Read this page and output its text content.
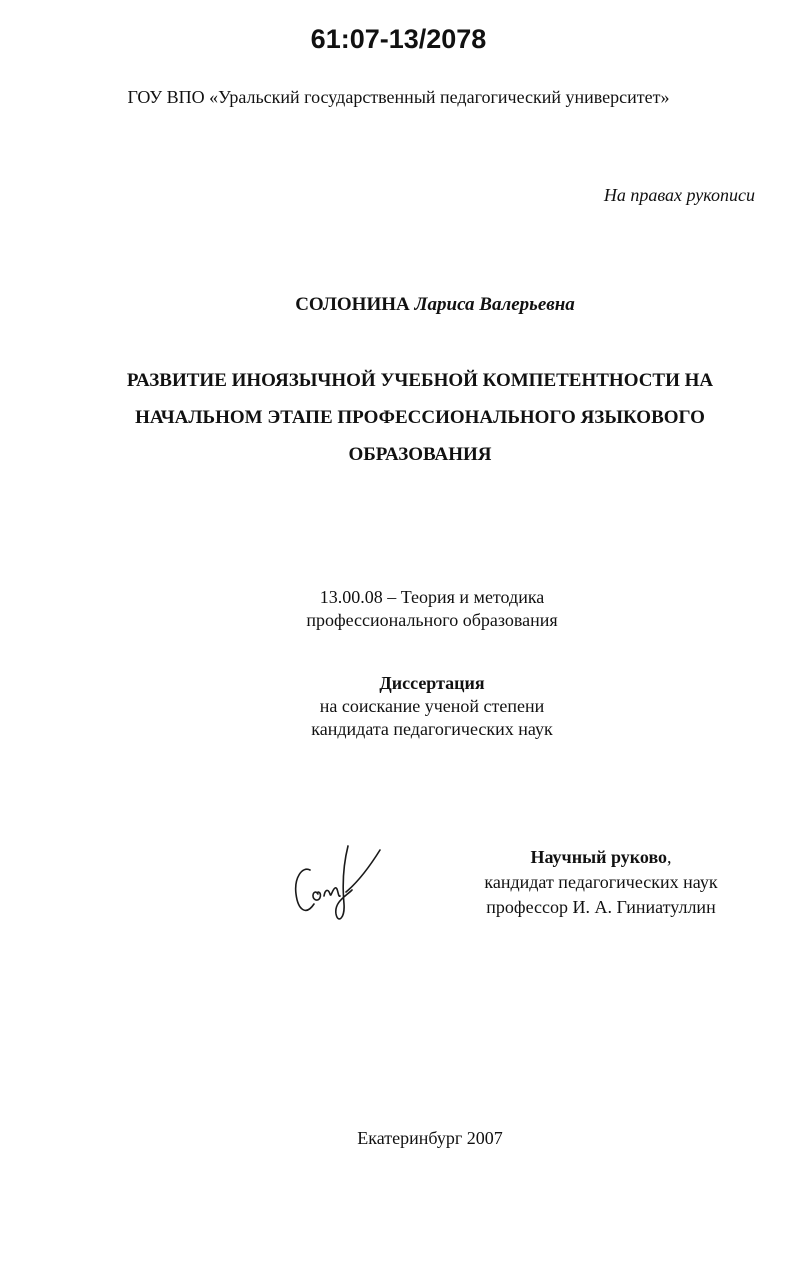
61:07-13/2078
ГОУ ВПО «Уральский государственный педагогический университет»
На правах рукописи
СОЛОНИНА Лариса Валерьевна
РАЗВИТИЕ ИНОЯЗЫЧНОЙ УЧЕБНОЙ КОМПЕТЕНТНОСТИ НА
НАЧАЛЬНОМ ЭТАПЕ ПРОФЕССИОНАЛЬНОГО ЯЗЫКОВОГО
ОБРАЗОВАНИЯ
13.00.08 – Теория и методика
профессионального образования
Диссертация
на соискание ученой степени
кандидата педагогических наук
Научный руково,
кандидат педагогических наук
профессор И. А. Гиниатуллин
Екатеринбург 2007
